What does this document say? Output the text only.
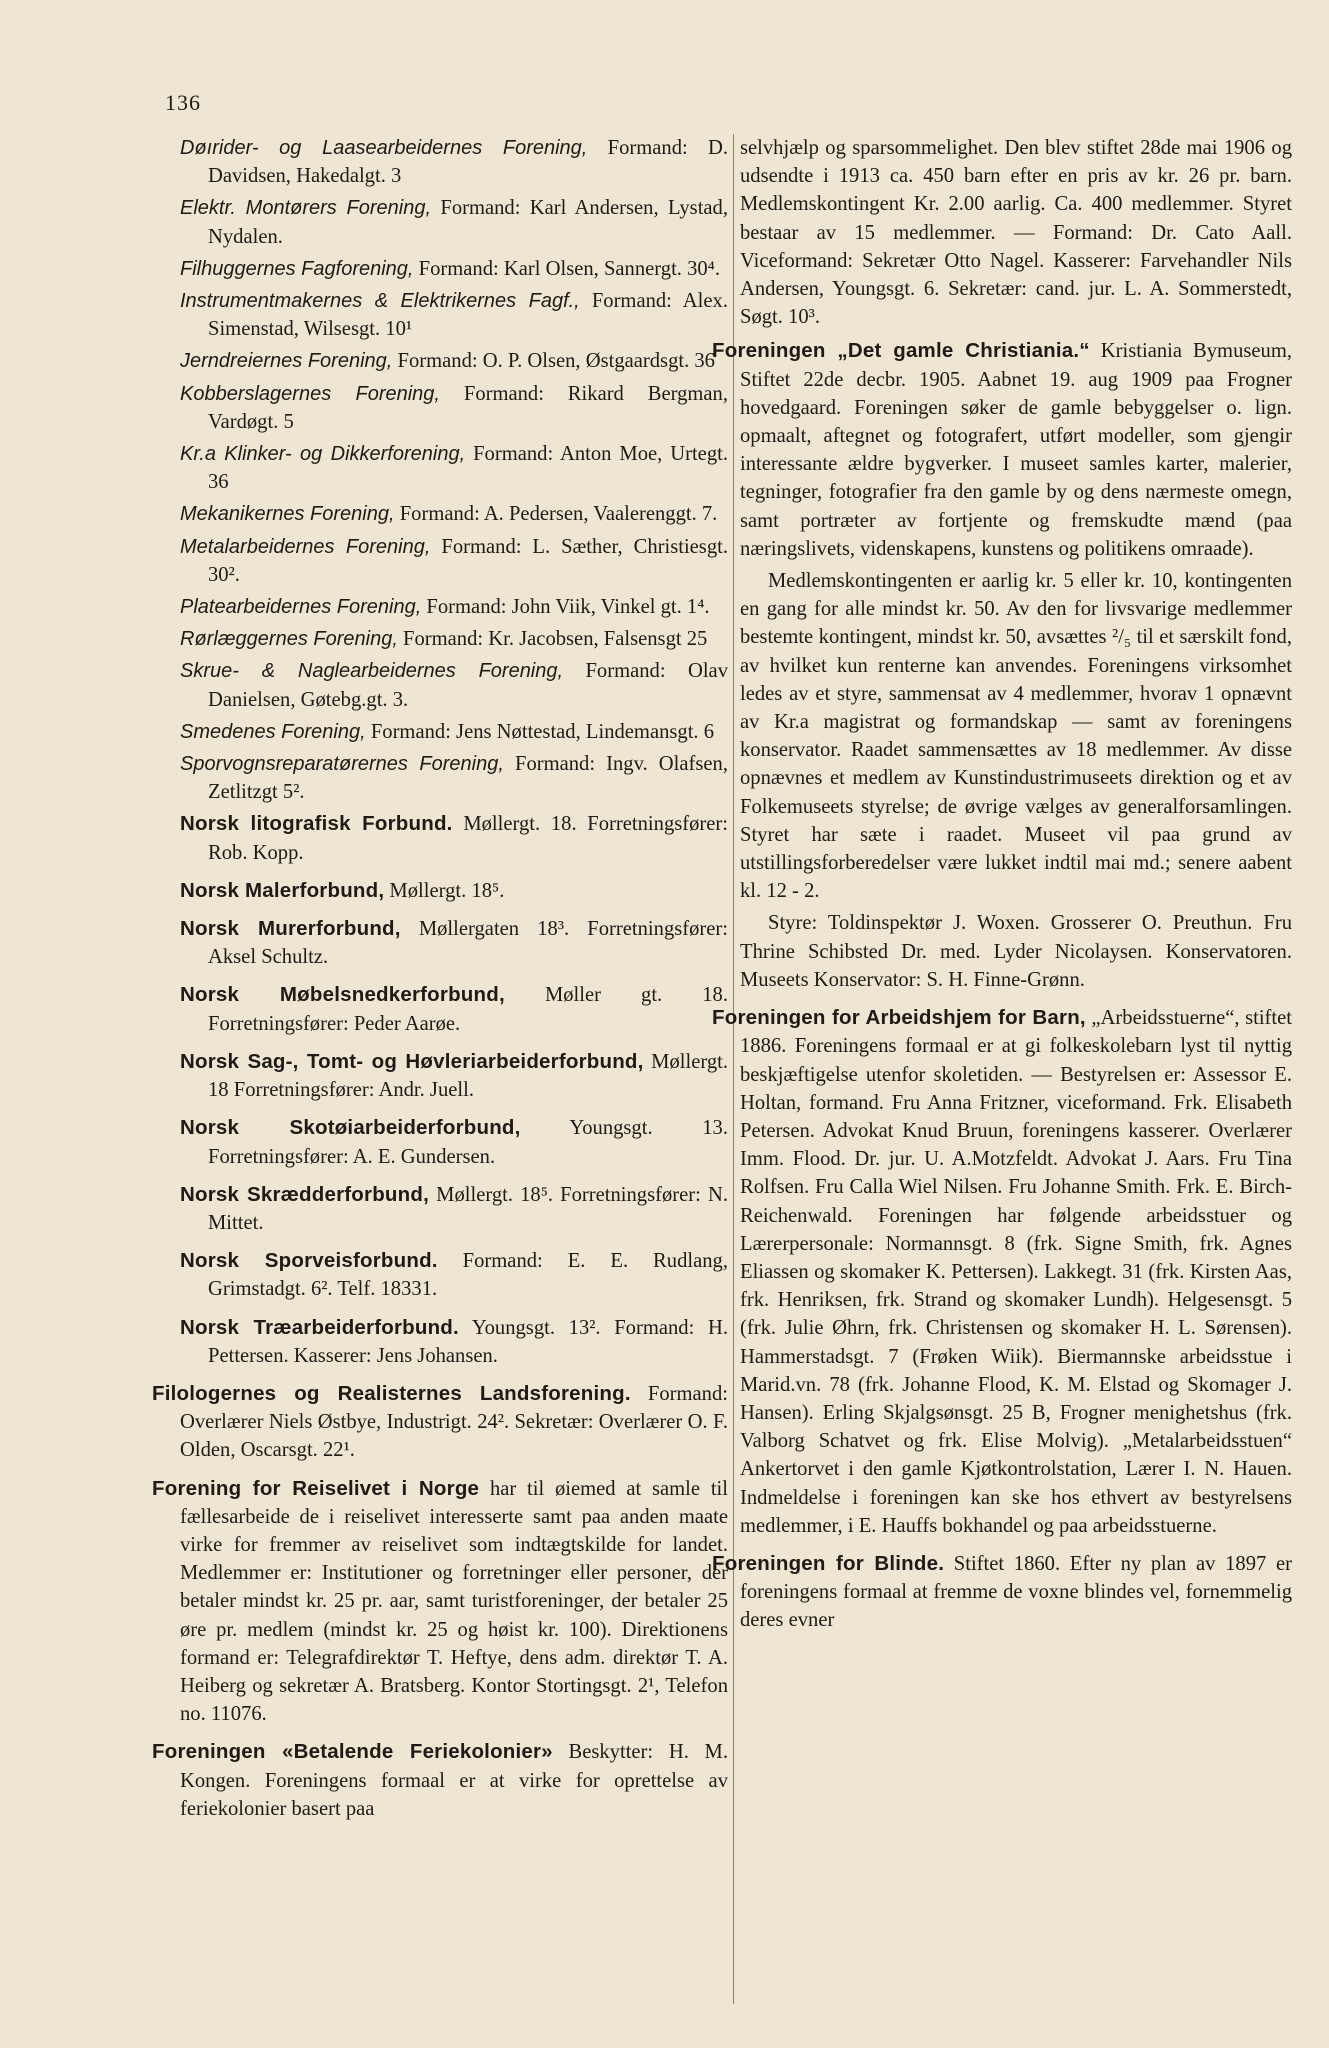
136

Døırider- og Laasearbeidernes Forening, Formand: D. Davidsen, Hakedalgt. 3

Elektr. Montørers Forening, Formand: Karl Andersen, Lystad, Nydalen.

Filhuggernes Fagforening, Formand: Karl Olsen, Sannergt. 30⁴.

Instrumentmakernes & Elektrikernes Fagf., Formand: Alex. Simenstad, Wilsesgt. 10¹

Jerndreiernes Forening, Formand: O. P. Olsen, Østgaardsgt. 36

Kobberslagernes Forening, Formand: Rikard Bergman, Vardøgt. 5

Kr.a Klinker- og Dikkerforening, Formand: Anton Moe, Urtegt. 36

Mekanikernes Forening, Formand: A. Pedersen, Vaalerenggt. 7.

Metalarbeidernes Forening, Formand: L. Sæther, Christiesgt. 30².

Platearbeidernes Forening, Formand: John Viik, Vinkel gt. 1⁴.

Rørlæggernes Forening, Formand: Kr. Jacobsen, Falsensgt 25

Skrue- & Naglearbeidernes Forening, Formand: Olav Danielsen, Gøtebg.gt. 3.

Smedenes Forening, Formand: Jens Nøttestad, Lindemansgt. 6

Sporvognsreparatørernes Forening, Formand: Ingv. Olafsen, Zetlitzgt 5².

Norsk litografisk Forbund. Møllergt. 18. Forretningsfører: Rob. Kopp.

Norsk Malerforbund, Møllergt. 18⁵.

Norsk Murerforbund, Møllergaten 18³. Forretningsfører: Aksel Schultz.

Norsk Møbelsnedkerforbund, Møller gt. 18. Forretningsfører: Peder Aarøe.

Norsk Sag-, Tomt- og Høvleriarbeiderforbund, Møllergt. 18 Forretningsfører: Andr. Juell.

Norsk Skotøiarbeiderforbund, Youngsgt. 13. Forretningsfører: A. E. Gundersen.

Norsk Skrædderforbund, Møllergt. 18⁵. Forretningsfører: N. Mittet.

Norsk Sporveisforbund. Formand: E. E. Rudlang, Grimstadgt. 6². Telf. 18331.

Norsk Træarbeiderforbund. Youngsgt. 13². Formand: H. Pettersen. Kasserer: Jens Johansen.

Filologernes og Realisternes Landsforening. Formand: Overlærer Niels Østbye, Industrigt. 24². Sekretær: Overlærer O. F. Olden, Oscarsgt. 22¹.

Forening for Reiselivet i Norge har til øiemed at samle til fællesarbeide de i reiselivet interesserte samt paa anden maate virke for fremmer av reiselivet som indtægtskilde for landet. Medlemmer er: Institutioner og forretninger eller personer, der betaler mindst kr. 25 pr. aar, samt turistforeninger, der betaler 25 øre pr. medlem (mindst kr. 25 og høist kr. 100). Direktionens formand er: Telegrafdirektør T. Heftye, dens adm. direktør T. A. Heiberg og sekretær A. Bratsberg. Kontor Stortingsgt. 2¹, Telefon no. 11076.

Foreningen «Betalende Feriekolonier» Beskytter: H. M. Kongen. Foreningens formaal er at virke for oprettelse av feriekolonier basert paa

selvhjælp og sparsommelighet. Den blev stiftet 28de mai 1906 og udsendte i 1913 ca. 450 barn efter en pris av kr. 26 pr. barn. Medlemskontingent Kr. 2.00 aarlig. Ca. 400 medlemmer. Styret bestaar av 15 medlemmer. — Formand: Dr. Cato Aall. Viceformand: Sekretær Otto Nagel. Kasserer: Farvehandler Nils Andersen, Youngsgt. 6. Sekretær: cand. jur. L. A. Sommerstedt, Søgt. 10³.

Foreningen „Det gamle Christiania.“ Kristiania Bymuseum, Stiftet 22de decbr. 1905. Aabnet 19. aug 1909 paa Frogner hovedgaard. Foreningen søker de gamle bebyggelser o. lign. opmaalt, aftegnet og fotografert, utført modeller, som gjengir interessante ældre bygverker. I museet samles karter, malerier, tegninger, fotografier fra den gamle by og dens nærmeste omegn, samt portræter av fortjente og fremskudte mænd (paa næringslivets, videnskapens, kunstens og politikens omraade).

Medlemskontingenten er aarlig kr. 5 eller kr. 10, kontingenten en gang for alle mindst kr. 50. Av den for livsvarige medlemmer bestemte kontingent, mindst kr. 50, avsættes ²/₅ til et særskilt fond, av hvilket kun renterne kan anvendes. Foreningens virksomhet ledes av et styre, sammensat av 4 medlemmer, hvorav 1 opnævnt av Kr.a magistrat og formandskap — samt av foreningens konservator. Raadet sammensættes av 18 medlemmer. Av disse opnævnes et medlem av Kunstindustrimuseets direktion og et av Folkemuseets styrelse; de øvrige vælges av generalforsamlingen. Styret har sæte i raadet. Museet vil paa grund av utstillingsforberedelser være lukket indtil mai md.; senere aabent kl. 12 - 2.

Styre: Toldinspektør J. Woxen. Grosserer O. Preuthun. Fru Thrine Schibsted Dr. med. Lyder Nicolaysen. Konservatoren. Museets Konservator: S. H. Finne-Grønn.

Foreningen for Arbeidshjem for Barn, „Arbeidsstuerne“, stiftet 1886. Foreningens formaal er at gi folkeskolebarn lyst til nyttig beskjæftigelse utenfor skoletiden. — Bestyrelsen er: Assessor E. Holtan, formand. Fru Anna Fritzner, viceformand. Frk. Elisabeth Petersen. Advokat Knud Bruun, foreningens kasserer. Overlærer Imm. Flood. Dr. jur. U. A.Motzfeldt. Advokat J. Aars. Fru Tina Rolfsen. Fru Calla Wiel Nilsen. Fru Johanne Smith. Frk. E. Birch-Reichenwald. Foreningen har følgende arbeidsstuer og Lærerpersonale: Normannsgt. 8 (frk. Signe Smith, frk. Agnes Eliassen og skomaker K. Pettersen). Lakkegt. 31 (frk. Kirsten Aas, frk. Henriksen, frk. Strand og skomaker Lundh). Helgesensgt. 5 (frk. Julie Øhrn, frk. Christensen og skomaker H. L. Sørensen). Hammerstadsgt. 7 (Frøken Wiik). Biermannske arbeidsstue i Marid.vn. 78 (frk. Johanne Flood, K. M. Elstad og Skomager J. Hansen). Erling Skjalgsønsgt. 25 B, Frogner menighetshus (frk. Valborg Schatvet og frk. Elise Molvig). „Metalarbeidsstuen“ Ankertorvet i den gamle Kjøtkontrolstation, Lærer I. N. Hauen. Indmeldelse i foreningen kan ske hos ethvert av bestyrelsens medlemmer, i E. Hauffs bokhandel og paa arbeidsstuerne.

Foreningen for Blinde. Stiftet 1860. Efter ny plan av 1897 er foreningens formaal at fremme de voxne blindes vel, fornemmelig deres evner
